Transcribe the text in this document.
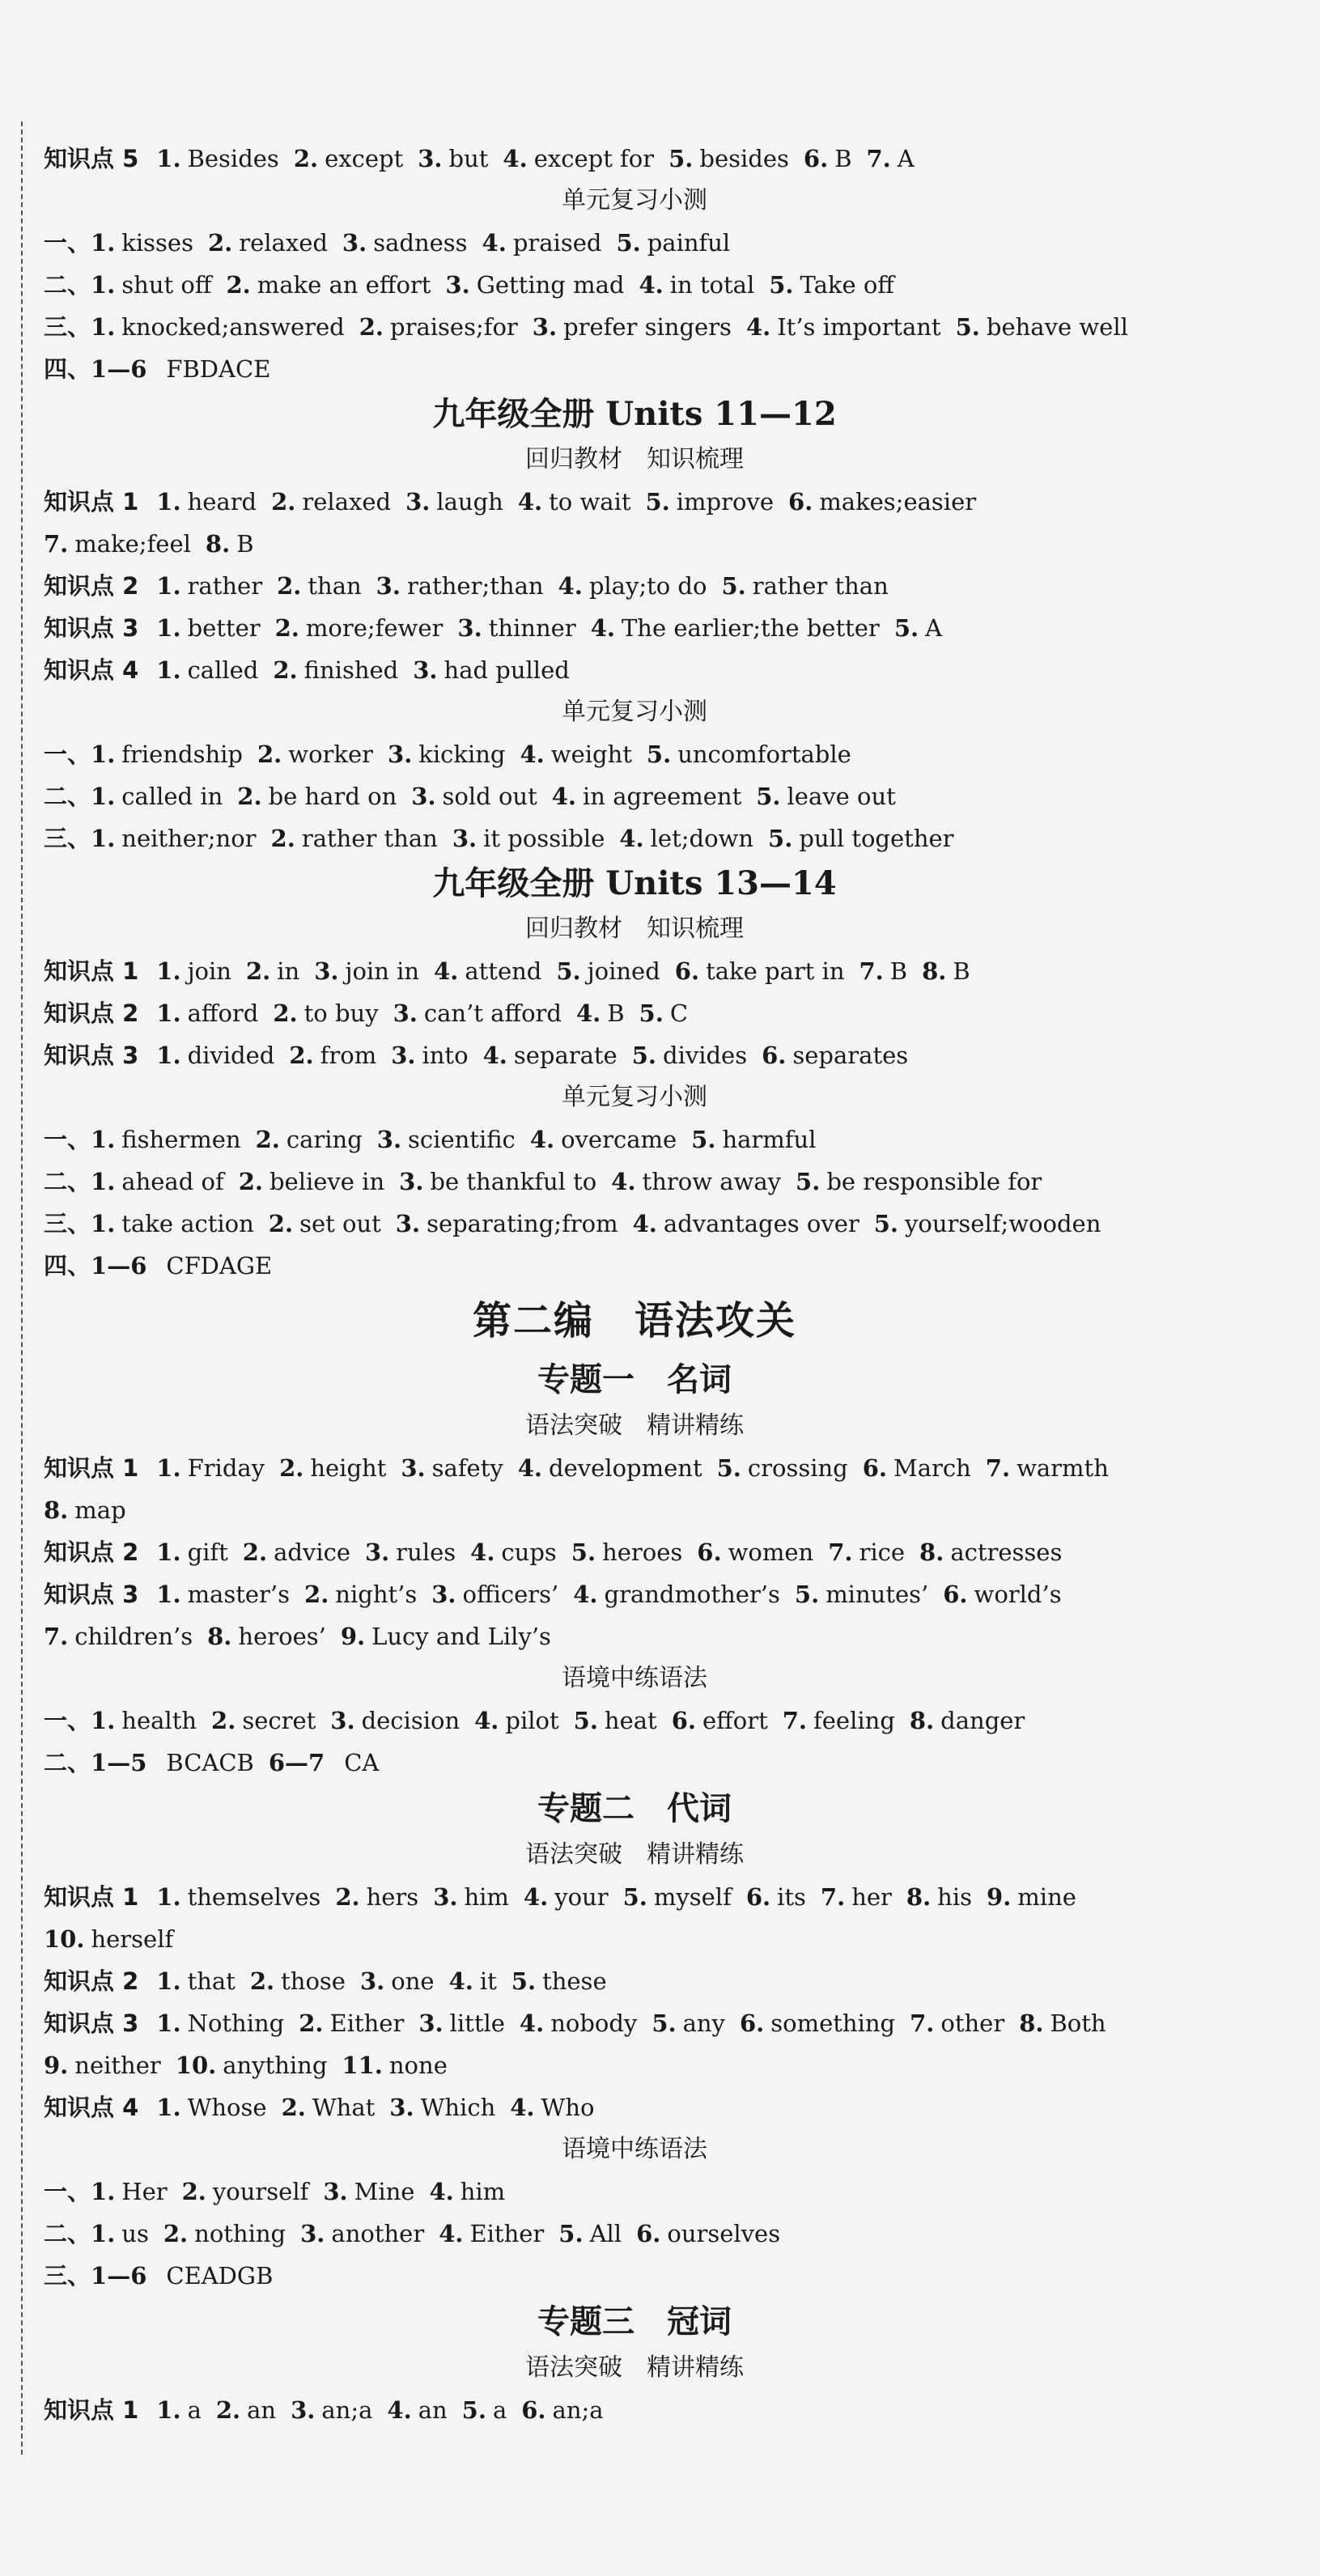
知识点 5 1. Besides 2. except 3. but 4. except for 5. besides 6. B 7. A
单元复习小测
一、1. kisses 2. relaxed 3. sadness 4. praised 5. painful
二、1. shut off 2. make an effort 3. Getting mad 4. in total 5. Take off
三、1. knocked;answered 2. praises;for 3. prefer singers 4. It’s important 5. behave well
四、1—6 FBDACE
九年级全册 Units 11—12
回归教材　知识梳理
知识点 1 1. heard 2. relaxed 3. laugh 4. to wait 5. improve 6. makes;easier
7. make;feel 8. B
知识点 2 1. rather 2. than 3. rather;than 4. play;to do 5. rather than
知识点 3 1. better 2. more;fewer 3. thinner 4. The earlier;the better 5. A
知识点 4 1. called 2. finished 3. had pulled
单元复习小测
一、1. friendship 2. worker 3. kicking 4. weight 5. uncomfortable
二、1. called in 2. be hard on 3. sold out 4. in agreement 5. leave out
三、1. neither;nor 2. rather than 3. it possible 4. let;down 5. pull together
九年级全册 Units 13—14
回归教材　知识梳理
知识点 1 1. join 2. in 3. join in 4. attend 5. joined 6. take part in 7. B 8. B
知识点 2 1. afford 2. to buy 3. can’t afford 4. B 5. C
知识点 3 1. divided 2. from 3. into 4. separate 5. divides 6. separates
单元复习小测
一、1. fishermen 2. caring 3. scientific 4. overcame 5. harmful
二、1. ahead of 2. believe in 3. be thankful to 4. throw away 5. be responsible for
三、1. take action 2. set out 3. separating;from 4. advantages over 5. yourself;wooden
四、1—6 CFDAGE
第二编　语法攻关
专题一　名词
语法突破　精讲精练
知识点 1 1. Friday 2. height 3. safety 4. development 5. crossing 6. March 7. warmth
8. map
知识点 2 1. gift 2. advice 3. rules 4. cups 5. heroes 6. women 7. rice 8. actresses
知识点 3 1. master’s 2. night’s 3. officers’ 4. grandmother’s 5. minutes’ 6. world’s
7. children’s 8. heroes’ 9. Lucy and Lily’s
语境中练语法
一、1. health 2. secret 3. decision 4. pilot 5. heat 6. effort 7. feeling 8. danger
二、1—5 BCACB 6—7 CA
专题二　代词
语法突破　精讲精练
知识点 1 1. themselves 2. hers 3. him 4. your 5. myself 6. its 7. her 8. his 9. mine
10. herself
知识点 2 1. that 2. those 3. one 4. it 5. these
知识点 3 1. Nothing 2. Either 3. little 4. nobody 5. any 6. something 7. other 8. Both
9. neither 10. anything 11. none
知识点 4 1. Whose 2. What 3. Which 4. Who
语境中练语法
一、1. Her 2. yourself 3. Mine 4. him
二、1. us 2. nothing 3. another 4. Either 5. All 6. ourselves
三、1—6 CEADGB
专题三　冠词
语法突破　精讲精练
知识点 1 1. a 2. an 3. an;a 4. an 5. a 6. an;a
